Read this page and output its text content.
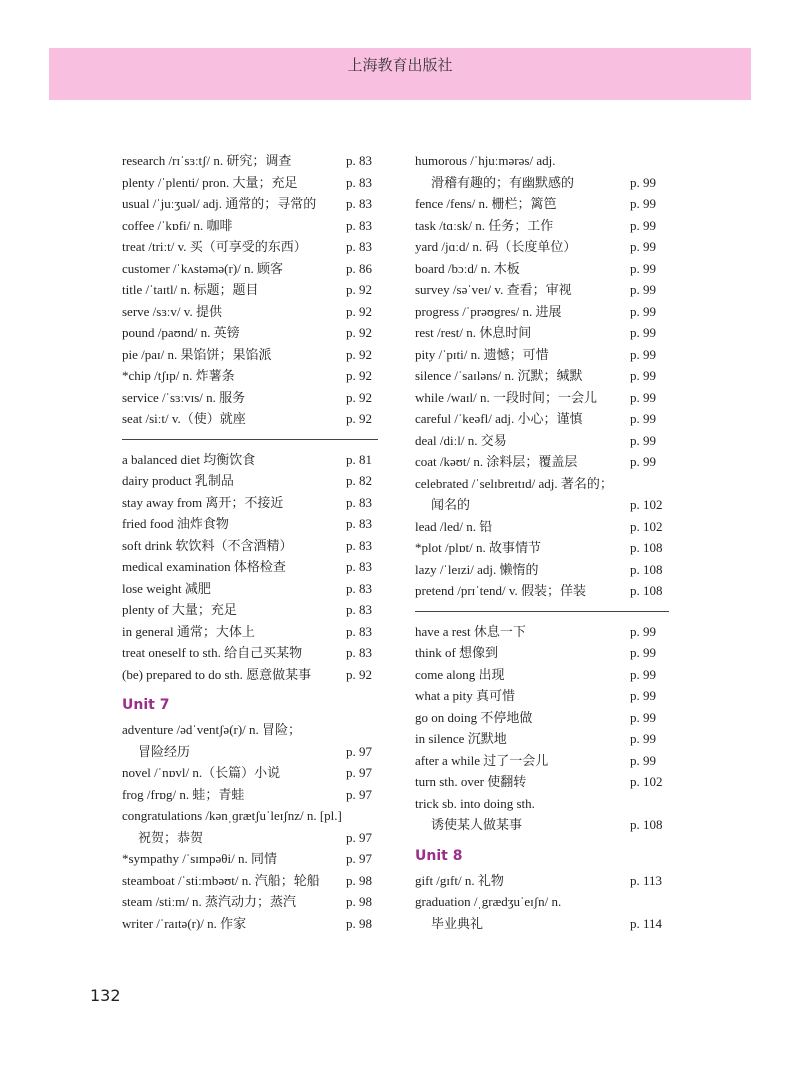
上海教育出版社
research /rɪˈsɜːtʃ/ n. 研究；调查	p. 83
plenty /ˈplenti/ pron. 大量；充足	p. 83
usual /ˈjuːʒuəl/ adj. 通常的；寻常的 p. 83
coffee /ˈkɒfi/ n. 咖啡	p. 83
treat /triːt/ v. 买（可享受的东西）	p. 83
customer /ˈkʌstəmə(r)/ n. 顾客	p. 86
title /ˈtaɪtl/ n. 标题；题目	p. 92
serve /sɜːv/ v. 提供	p. 92
pound /paʊnd/ n. 英镑	p. 92
pie /paɪ/ n. 果馅饼；果馅派	p. 92
*chip /tʃɪp/ n. 炸薯条	p. 92
service /ˈsɜːvɪs/ n. 服务	p. 92
seat /siːt/ v.（使）就座	p. 92
a balanced diet 均衡饮食	p. 81
dairy product 乳制品	p. 82
stay away from 离开；不接近	p. 83
fried food 油炸食物	p. 83
soft drink 软饮料（不含酒精）	p. 83
medical examination 体格检查	p. 83
lose weight 减肥	p. 83
plenty of 大量；充足	p. 83
in general 通常；大体上	p. 83
treat oneself to sth. 给自己买某物	p. 83
(be) prepared to do sth. 愿意做某事	p. 92
Unit 7
adventure /ədˈventʃə(r)/ n. 冒险；
冒险经历	p. 97
novel /ˈnɒvl/ n.（长篇）小说	p. 97
frog /frɒg/ n. 蛙；青蛙	p. 97
congratulations /kənˌɡrætʃuˈleɪʃnz/ n. [pl.]
祝贺；恭贺	p. 97
*sympathy /ˈsɪmpəθi/ n. 同情	p. 97
steamboat /ˈstiːmbəʊt/ n. 汽船；轮船 p. 98
steam /stiːm/ n. 蒸汽动力；蒸汽	p. 98
writer /ˈraɪtə(r)/ n. 作家	p. 98
humorous /ˈhjuːmərəs/ adj.
滑稽有趣的；有幽默感的	p. 99
fence /fens/ n. 栅栏；篱笆	p. 99
task /tɑːsk/ n. 任务；工作	p. 99
yard /jɑːd/ n. 码（长度单位）	p. 99
board /bɔːd/ n. 木板	p. 99
survey /səˈveɪ/ v. 查看；审视	p. 99
progress /ˈprəʊgres/ n. 进展	p. 99
rest /rest/ n. 休息时间	p. 99
pity /ˈpɪti/ n. 遗憾；可惜	p. 99
silence /ˈsaɪləns/ n. 沉默；缄默	p. 99
while /waɪl/ n. 一段时间；一会儿	p. 99
careful /ˈkeəfl/ adj. 小心；谨慎	p. 99
deal /diːl/ n. 交易	p. 99
coat /kəʊt/ n. 涂料层；覆盖层	p. 99
celebrated /ˈselɪbreɪtɪd/ adj. 著名的；
闻名的	p. 102
lead /led/ n. 铅	p. 102
*plot /plɒt/ n. 故事情节	p. 108
lazy /ˈleɪzi/ adj. 懒惰的	p. 108
pretend /prɪˈtend/ v. 假装；佯装	p. 108
have a rest 休息一下	p. 99
think of 想像到	p. 99
come along 出现	p. 99
what a pity 真可惜	p. 99
go on doing 不停地做	p. 99
in silence 沉默地	p. 99
after a while 过了一会儿	p. 99
turn sth. over 使翻转	p. 102
trick sb. into doing sth.
诱使某人做某事	p. 108
Unit 8
gift /gɪft/ n. 礼物	p. 113
graduation /ˌgrædʒuˈeɪʃn/ n.
毕业典礼	p. 114
132
